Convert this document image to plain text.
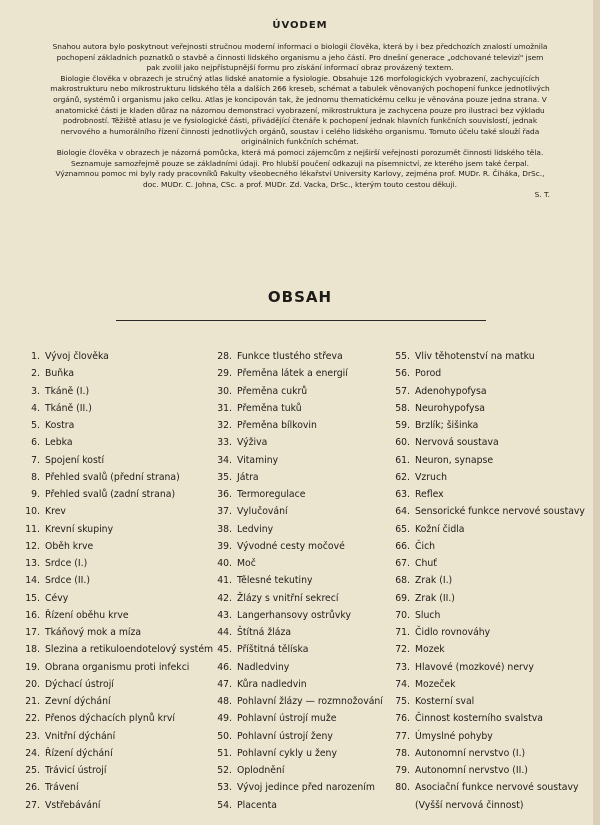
ÚVODEM

Snahou autora bylo poskytnout veřejnosti stručnou moderní informaci o biologii člověka, která by i bez předchozích znalostí umožnila pochopení základních poznatků o stavbě a činnosti lidského organismu a jeho částí. Pro dnešní generace „odchované televizí" jsem pak zvolil jako nejpřístupnější formu pro získání informací obraz provázený textem.

Biologie člověka v obrazech je stručný atlas lidské anatomie a fysiologie. Obsahuje 126 morfologických vyobrazení, zachycujících makrostrukturu nebo mikrostrukturu lidského těla a dalších 266 kreseb, schémat a tabulek věnovaných pochopení funkce jednotlivých orgánů, systémů i organismu jako celku. Atlas je koncipován tak, že jednomu thematickému celku je věnována pouze jedna strana. V anatomické části je kladen důraz na názornou demonstraci vyobrazení, mikrostruktura je zachycena pouze pro ilustraci bez výkladu podrobností. Těžiště atlasu je ve fysiologické části, přivádějící čtenáře k pochopení jednak hlavních funkčních souvislostí, jednak nervového a humorálního řízení činnosti jednotlivých orgánů, soustav i celého lidského organismu. Tomuto účelu také slouží řada originálních funkčních schémat.

Biologie člověka v obrazech je názorná pomůcka, která má pomoci zájemcům z nejširší veřejnosti porozumět činnosti lidského těla. Seznamuje samozřejmě pouze se základními údaji. Pro hlubší poučení odkazuji na písemnictví, ze kterého jsem také čerpal. Významnou pomoc mi byly rady pracovníků Fakulty všeobecného lékařství University Karlovy, zejména prof. MUDr. R. Čiháka, DrSc., doc. MUDr. C. Johna, CSc. a prof. MUDr. Zd. Vacka, DrSc., kterým touto cestou děkuji.

S. T.

OBSAH
1. Vývoj člověka
2. Buňka
3. Tkáně (I.)
4. Tkáně (II.)
5. Kostra
6. Lebka
7. Spojení kostí
8. Přehled svalů (přední strana)
9. Přehled svalů (zadní strana)
10. Krev
11. Krevní skupiny
12. Oběh krve
13. Srdce (I.)
14. Srdce (II.)
15. Cévy
16. Řízení oběhu krve
17. Tkáňový mok a míza
18. Slezina a retikuloendotelový systém
19. Obrana organismu proti infekci
20. Dýchací ústrojí
21. Zevní dýchání
22. Přenos dýchacích plynů krví
23. Vnitřní dýchání
24. Řízení dýchání
25. Trávicí ústrojí
26. Trávení
27. Vstřebávání
28. Funkce tlustého střeva
29. Přeměna látek a energií
30. Přeměna cukrů
31. Přeměna tuků
32. Přeměna bílkovin
33. Výživa
34. Vitaminy
35. Játra
36. Termoregulace
37. Vylučování
38. Ledviny
39. Vývodné cesty močové
40. Moč
41. Tělesné tekutiny
42. Žlázy s vnitřní sekrecí
43. Langerhansovy ostrůvky
44. Štítná žláza
45. Příštitná tělíska
46. Nadledviny
47. Kůra nadledvin
48. Pohlavní žlázy — rozmnožování
49. Pohlavní ústrojí muže
50. Pohlavní ústrojí ženy
51. Pohlavní cykly u ženy
52. Oplodnění
53. Vývoj jedince před narozením
54. Placenta
55. Vliv těhotenství na matku
56. Porod
57. Adenohypofysa
58. Neurohypofysa
59. Brzlík; šišinka
60. Nervová soustava
61. Neuron, synapse
62. Vzruch
63. Reflex
64. Sensorické funkce nervové soustavy
65. Kožní čidla
66. Čich
67. Chuť
68. Zrak (I.)
69. Zrak (II.)
70. Sluch
71. Čidlo rovnováhy
72. Mozek
73. Hlavové (mozkové) nervy
74. Mozeček
75. Kosterní sval
76. Činnost kosterního svalstva
77. Úmyslné pohyby
78. Autonomní nervstvo (I.)
79. Autonomní nervstvo (II.)
80. Asociační funkce nervové soustavy
(Vyšší nervová činnost)
